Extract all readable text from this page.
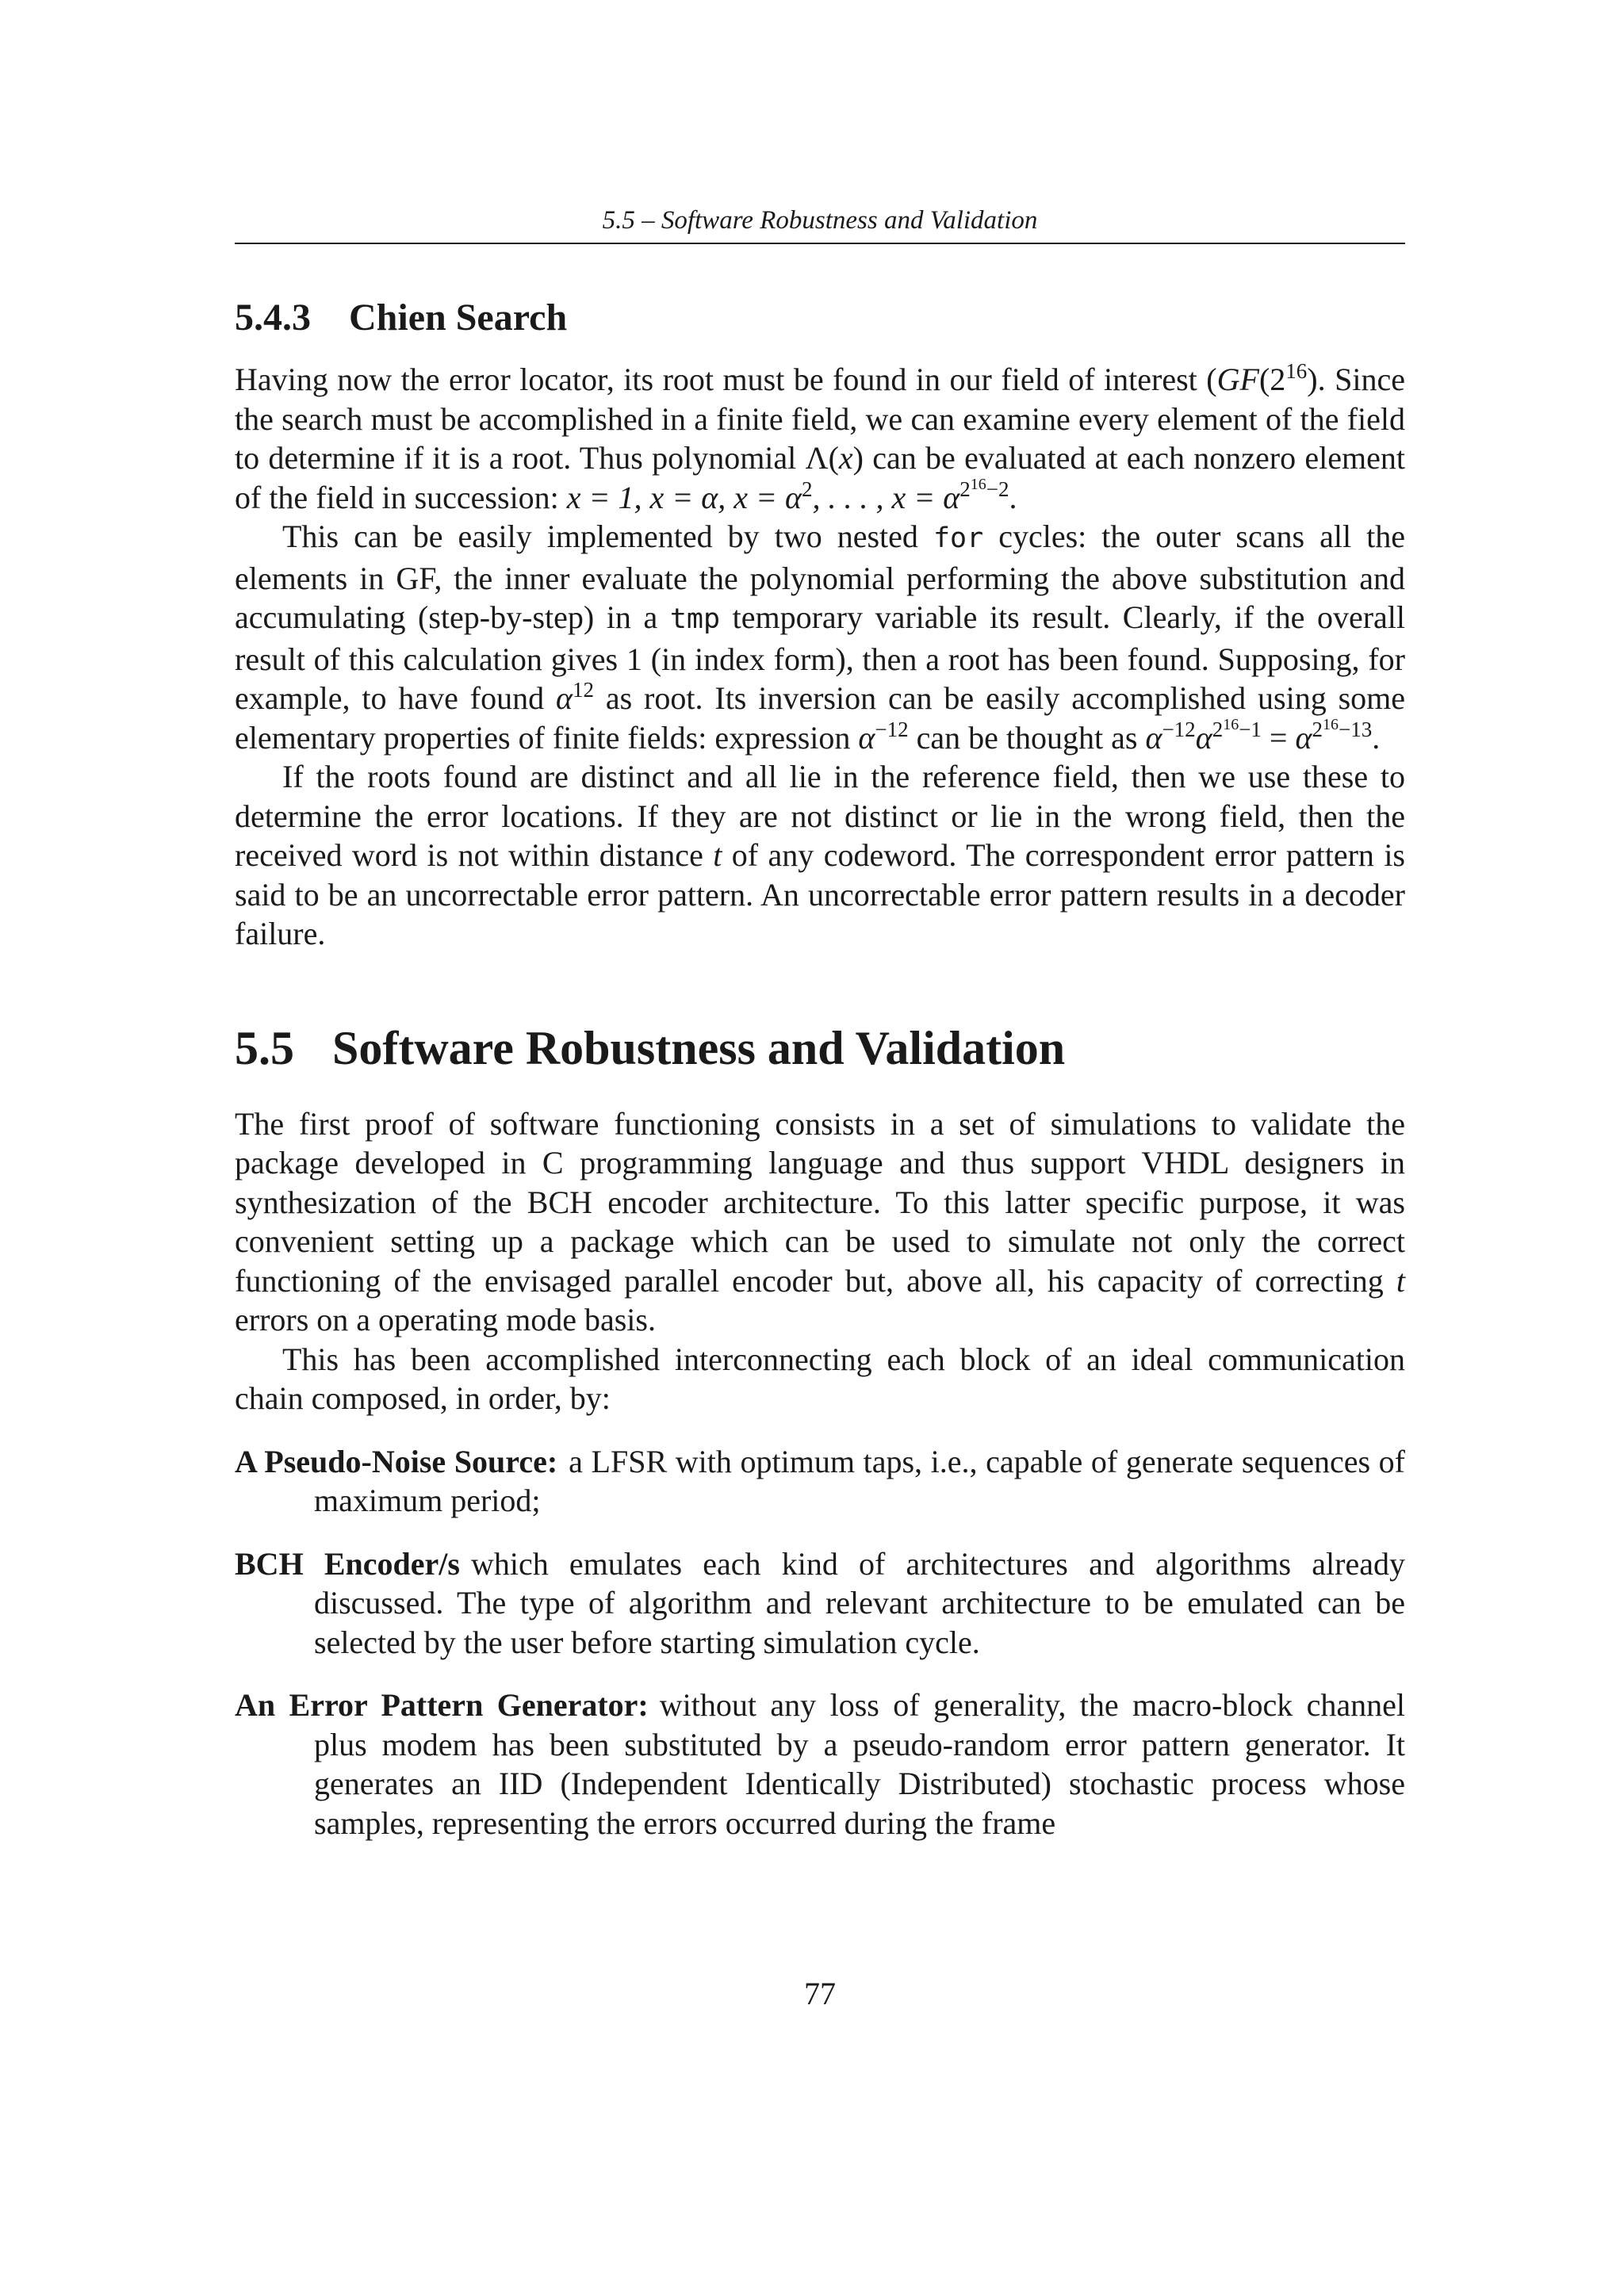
5.5 – Software Robustness and Validation
5.4.3 Chien Search

Having now the error locator, its root must be found in our field of interest ($GF(2^{16})$. Since the search must be accomplished in a finite field, we can examine every element of the field to determine if it is a root. Thus polynomial Λ(x) can be evaluated at each nonzero element of the field in succession: x = 1, x = α, $x = \alpha^2$, . . . , $x = \alpha^{2^{16}-2}$.

This can be easily implemented by two nested for cycles: the outer scans all the elements in GF, the inner evaluate the polynomial performing the above substitution and accumulating (step-by-step) in a tmp temporary variable its result. Clearly, if the overall result of this calculation gives 1 (in index form), then a root has been found. Supposing, for example, to have found $\alpha^{12}$ as root. Its inversion can be easily accomplished using some elementary properties of finite fields: expression $\alpha^{-12}$ can be thought as $\alpha^{-12}\alpha^{2^{16}-1} = \alpha^{2^{16}-13}$.

If the roots found are distinct and all lie in the reference field, then we use these to determine the error locations. If they are not distinct or lie in the wrong field, then the received word is not within distance t of any codeword. The correspondent error pattern is said to be an uncorrectable error pattern. An uncorrectable error pattern results in a decoder failure.

5.5 Software Robustness and Validation

The first proof of software functioning consists in a set of simulations to validate the package developed in C programming language and thus support VHDL designers in synthesization of the BCH encoder architecture. To this latter specific purpose, it was convenient setting up a package which can be used to simulate not only the correct functioning of the envisaged parallel encoder but, above all, his capacity of correcting t errors on a operating mode basis.

This has been accomplished interconnecting each block of an ideal communication chain composed, in order, by:

A Pseudo-Noise Source: a LFSR with optimum taps, i.e., capable of generate sequences of maximum period;

BCH Encoder/s which emulates each kind of architectures and algorithms already discussed. The type of algorithm and relevant architecture to be emulated can be selected by the user before starting simulation cycle.

An Error Pattern Generator: without any loss of generality, the macro-block channel plus modem has been substituted by a pseudo-random error pattern generator. It generates an IID (Independent Identically Distributed) stochastic process whose samples, representing the errors occurred during the frame

77
